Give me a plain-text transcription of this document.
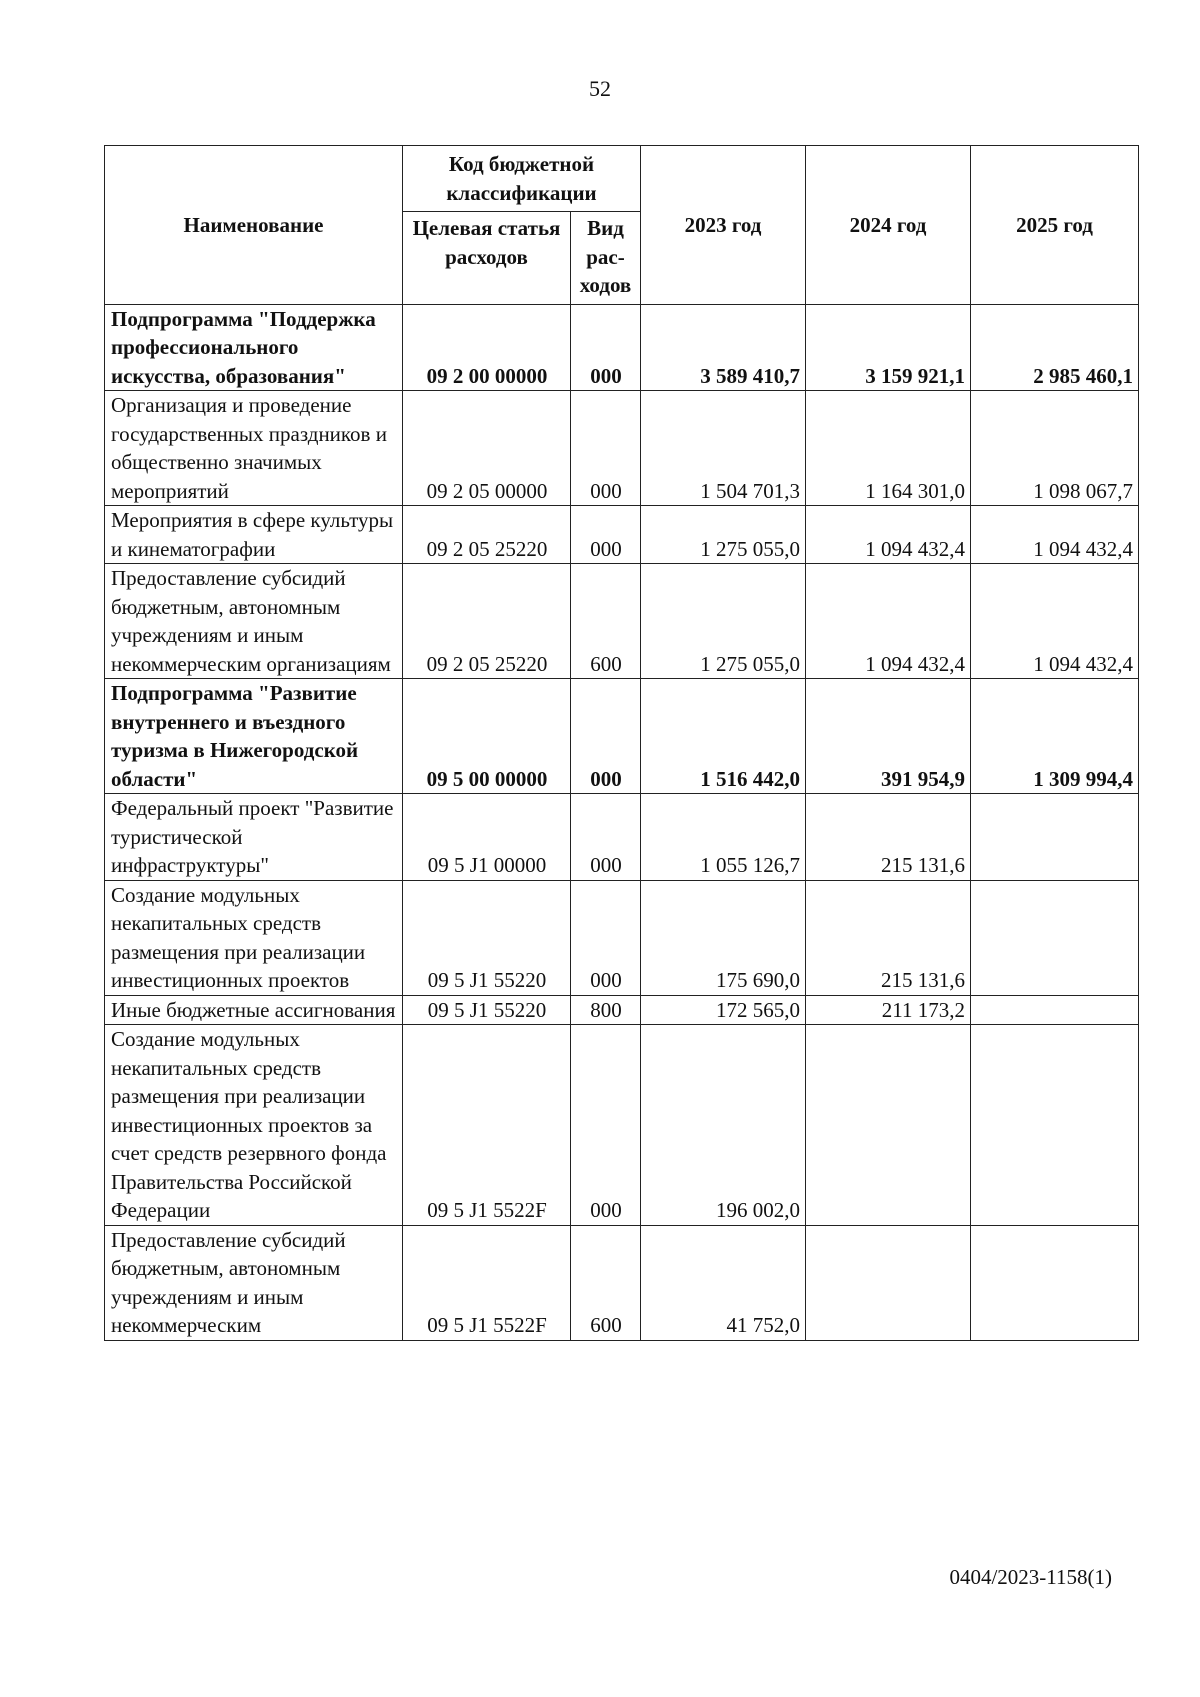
52
Наименование	Код бюджетной классификации		2023 год	2024 год	2025 год
	Целевая статья расходов	Вид рас-ходов			
Подпрограмма "Поддержка профессионального искусства, образования"	09 2 00 00000	000	3 589 410,7	3 159 921,1	2 985 460,1
Организация и проведение государственных праздников и общественно значимых мероприятий	09 2 05 00000	000	1 504 701,3	1 164 301,0	1 098 067,7
Мероприятия в сфере культуры и кинематографии	09 2 05 25220	000	1 275 055,0	1 094 432,4	1 094 432,4
Предоставление субсидий бюджетным, автономным учреждениям и иным некоммерческим организациям	09 2 05 25220	600	1 275 055,0	1 094 432,4	1 094 432,4
Подпрограмма "Развитие внутреннего и въездного туризма в Нижегородской области"	09 5 00 00000	000	1 516 442,0	391 954,9	1 309 994,4
Федеральный проект "Развитие туристической инфраструктуры"	09 5 J1 00000	000	1 055 126,7	215 131,6	
Создание модульных некапитальных средств размещения при реализации инвестиционных проектов	09 5 J1 55220	000	175 690,0	215 131,6	
Иные бюджетные ассигнования	09 5 J1 55220	800	172 565,0	211 173,2	
Создание модульных некапитальных средств размещения при реализации инвестиционных проектов за счет средств резервного фонда Правительства Российской Федерации	09 5 J1 5522F	000	196 002,0		
Предоставление субсидий бюджетным, автономным учреждениям и иным некоммерческим	09 5 J1 5522F	600	41 752,0		
0404/2023-1158(1)
